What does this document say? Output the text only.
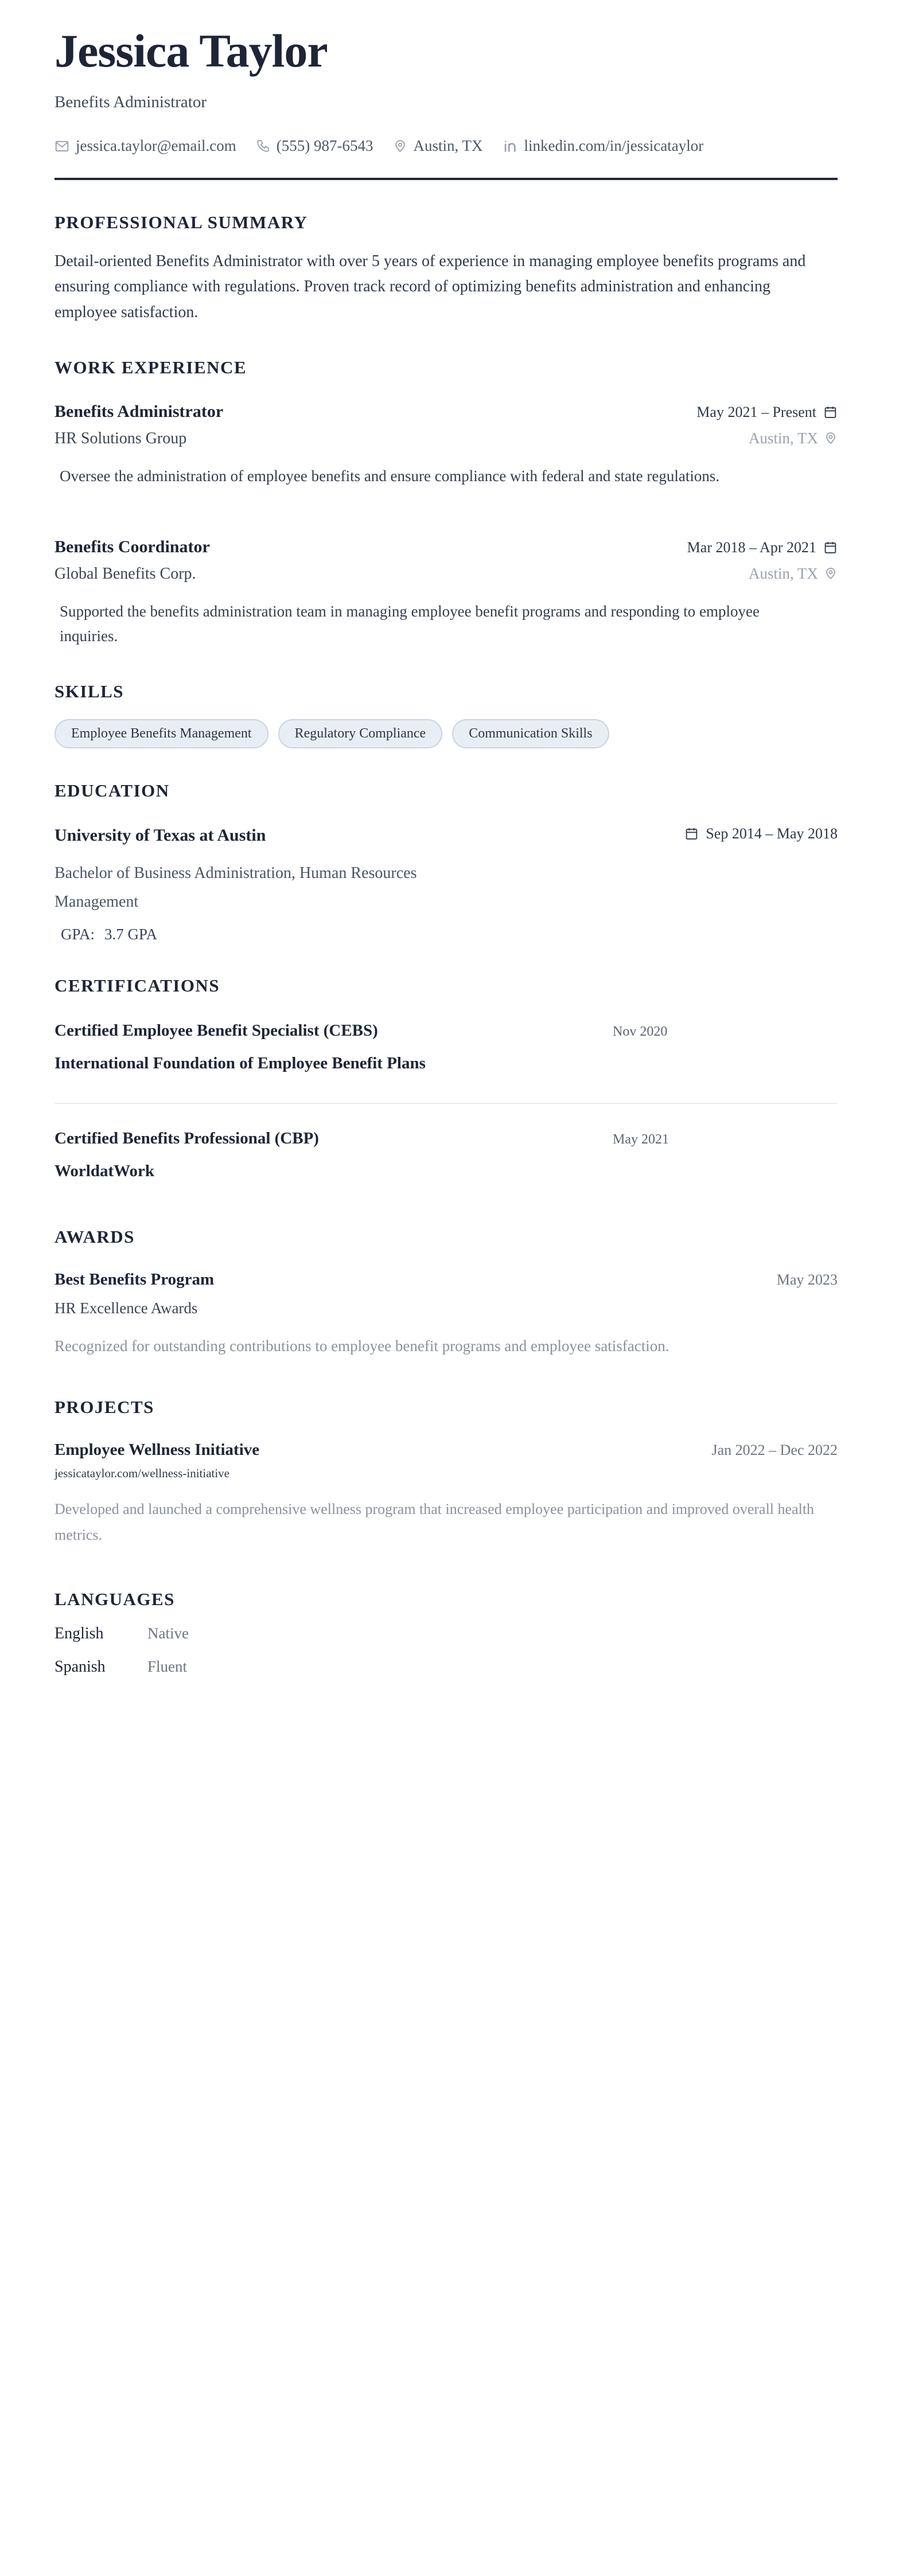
Jessica Taylor
Benefits Administrator
jessica.taylor@email.com	(555) 987-6543	Austin, TX	linkedin.com/in/jessicataylor
PROFESSIONAL SUMMARY

Detail-oriented Benefits Administrator with over 5 years of experience in managing employee benefits programs and ensuring compliance with regulations. Proven track record of optimizing benefits administration and enhancing employee satisfaction.

WORK EXPERIENCE
Benefits Administrator	May 2021 – Present
HR Solutions Group	Austin, TX

Oversee the administration of employee benefits and ensure compliance with federal and state regulations.

Benefits Coordinator	Mar 2018 – Apr 2021
Global Benefits Corp.	Austin, TX

Supported the benefits administration team in managing employee benefit programs and responding to employee inquiries.

SKILLS
Employee Benefits Management	Regulatory Compliance	Communication Skills
EDUCATION
University of Texas at Austin	Sep 2014 – May 2018
Bachelor of Business Administration, Human Resources Management
GPA: 3.7 GPA
CERTIFICATIONS
Certified Employee Benefit Specialist (CEBS)
International Foundation of Employee Benefit Plans
Nov 2020
Certified Benefits Professional (CBP)
WorldatWork
May 2021
AWARDS
Best Benefits Program	May 2023
HR Excellence Awards

Recognized for outstanding contributions to employee benefit programs and employee satisfaction.

PROJECTS
Employee Wellness Initiative	Jan 2022 – Dec 2022
jessicataylor.com/wellness-initiative

Developed and launched a comprehensive wellness program that increased employee participation and improved overall health metrics.

LANGUAGES
English	Native
Spanish	Fluent
